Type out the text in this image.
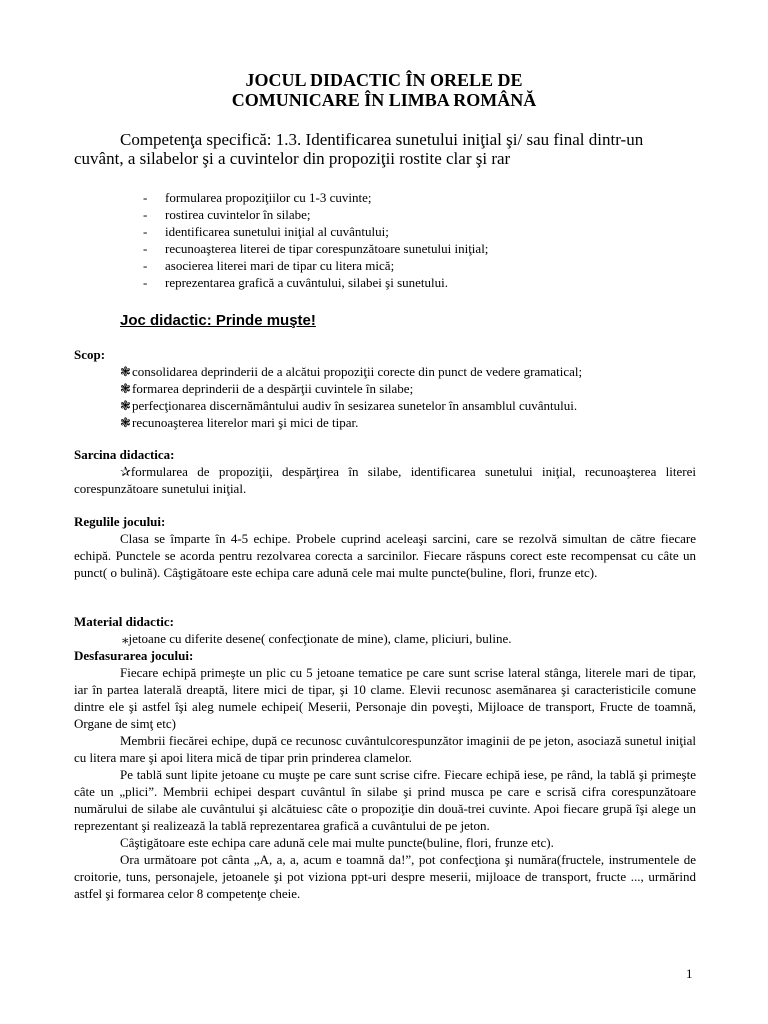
JOCUL DIDACTIC ÎN ORELE DE
COMUNICARE ÎN LIMBA ROMÂNĂ

Competenţa specifică: 1.3. Identificarea sunetului iniţial şi/ sau final dintr-un cuvânt, a silabelor şi a cuvintelor din propoziţii rostite clar şi rar

- formularea propoziţiilor cu 1-3 cuvinte;
- rostirea cuvintelor în silabe;
- identificarea sunetului iniţial al cuvântului;
- recunoaşterea literei de tipar corespunzătoare sunetului iniţial;
- asocierea literei mari de tipar cu litera mică;
- reprezentarea grafică a cuvântului, silabei şi sunetului.
Joc didactic: Prinde muşte!
Scop:
❃consolidarea deprinderii de a alcătui propoziţii corecte din punct de vedere gramatical;
❃formarea deprinderii de a despărţii cuvintele în silabe;
❃perfecţionarea discernământului audiv în sesizarea sunetelor în ansamblul cuvântului.
❃recunoaşterea literelor mari şi mici de tipar.
Sarcina didactica:

✰formularea de propoziţii, despărţirea în silabe, identificarea sunetului iniţial, recunoaşterea literei corespunzătoare sunetului iniţial.

Regulile jocului:

Clasa se împarte în 4-5 echipe. Probele cuprind aceleaşi sarcini, care se rezolvă simultan de către fiecare echipă. Punctele se acorda pentru rezolvarea corecta a sarcinilor. Fiecare răspuns corect este recompensat cu câte un punct( o bulină). Câştigătoare este echipa care adună cele mai multe puncte(buline, flori, frunze etc).

Material didactic:

⁎jetoane cu diferite desene( confecţionate de mine), clame, pliciuri, buline.

Desfasurarea jocului:

Fiecare echipă primeşte un plic cu 5 jetoane tematice pe care sunt scrise lateral stânga, literele mari de tipar, iar în partea laterală dreaptă, litere mici de tipar, şi 10 clame. Elevii recunosc asemănarea şi caracteristicile comune dintre ele şi astfel îşi aleg numele echipei( Meserii, Personaje din poveşti, Mijloace de transport, Fructe de toamnă, Organe de simţ etc)

Membrii fiecărei echipe, după ce recunosc cuvântulcorespunzător imaginii de pe jeton, asociază sunetul iniţial cu litera mare şi apoi litera mică de tipar prin prinderea clamelor.

Pe tablă sunt lipite jetoane cu muşte pe care sunt scrise cifre. Fiecare echipă iese, pe rând, la tablă şi primeşte câte un „plici”. Membrii echipei despart cuvântul în silabe şi prind musca pe care e scrisă cifra corespunzătoare numărului de silabe ale cuvântului şi alcătuiesc câte o propoziţie din două-trei cuvinte. Apoi fiecare grupă îşi alege un reprezentant şi realizează la tablă reprezentarea grafică a cuvântului de pe jeton.

Câştigătoare este echipa care adună cele mai multe puncte(buline, flori, frunze etc).

Ora următoare pot cânta „A, a, a, acum e toamnă da!”, pot confecţiona şi număra(fructele, instrumentele de croitorie, tuns, personajele, jetoanele şi pot viziona ppt-uri despre meserii, mijloace de transport, fructe ..., urmărind astfel şi formarea celor 8 competenţe cheie.

1
